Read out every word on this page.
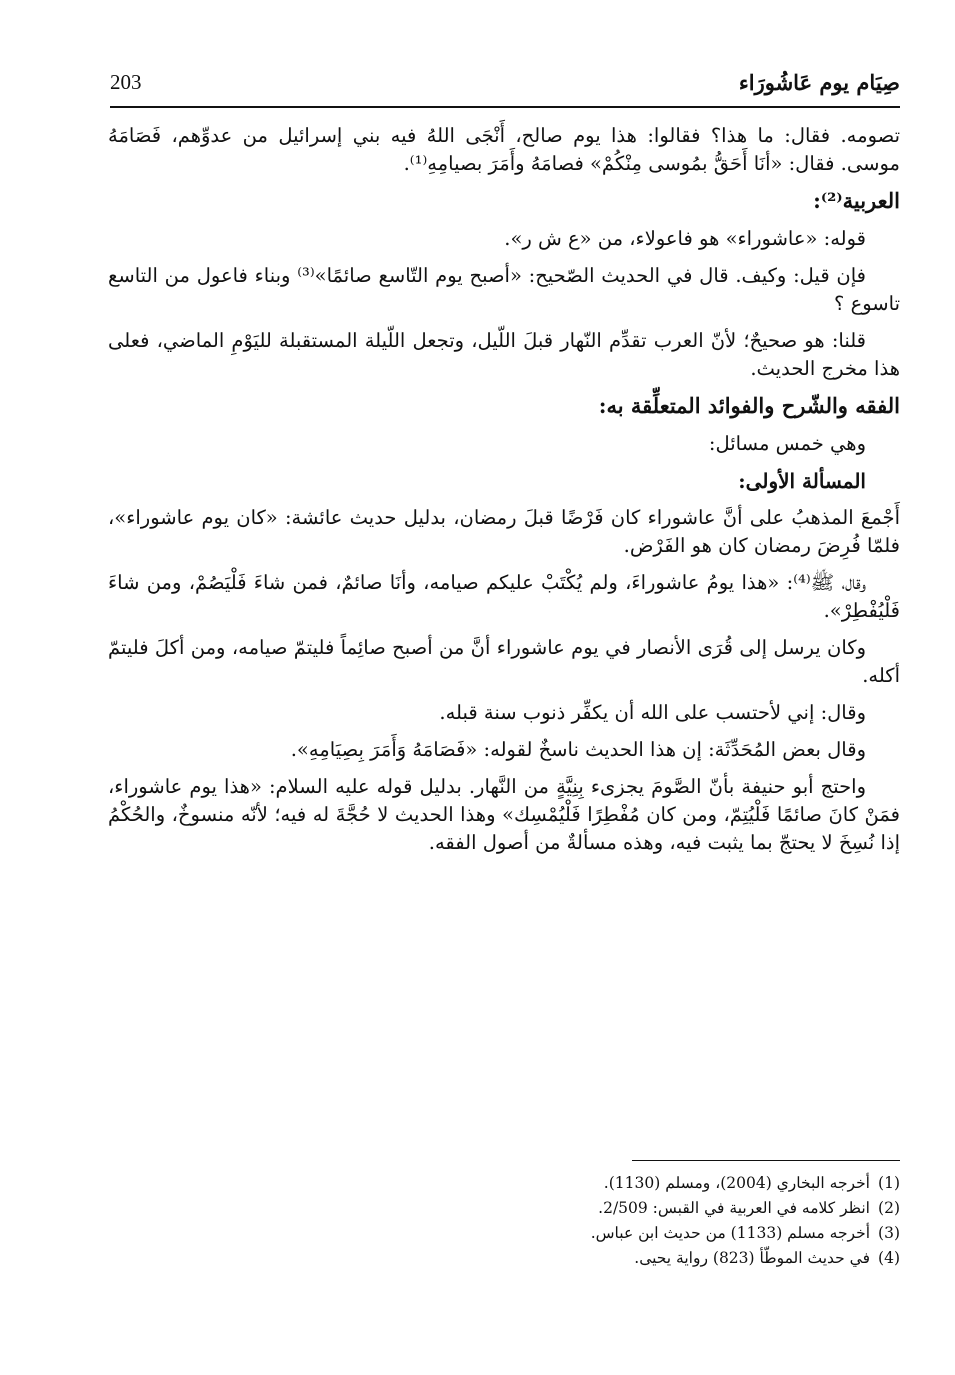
صِيَام يوم عَاشُورَاء
203

تصومه. فقال: ما هذا؟ فقالوا: هذا يوم صالح، أَنْجَى اللهُ فيه بني إسرائيل من عدوِّهم، فَصَامَهُ موسى. فقال: «أنَا أَحَقُّ بمُوسى مِنْكُمْ» فصامَهُ وأَمَرَ بصيامِهِ⁽¹⁾.

العربية⁽²⁾:

قوله: «عاشوراء» هو فاعولاء، من «ع ش ر».

فإن قيل: وكيف. قال في الحديث الصّحيح: «أصبح يوم التّاسع صائمًا»⁽³⁾ وبناء فاعول من التاسع تاسوع ؟

قلنا: هو صحيحٌ؛ لأنّ العرب تقدِّم النّهار قبلَ اللّيل، وتجعل اللّيلة المستقبلة لليَوْمِ الماضي، فعلى هذا مخرج الحديث.

الفقه والشّرح والفوائد المتعلِّقة به:

وهي خمس مسائل:

المسألة الأولى:

أَجْمعَ المذهبُ على أنَّ عاشوراء كان فَرْضًا قبلَ رمضان، بدليل حديث عائشة: «كان يوم عاشوراء»، فلمّا فُرِضَ رمضان كان هو الفَرْض.

وقال، ﷺ⁽⁴⁾: «هذا يومُ عاشوراءَ، ولم يُكْتَبْ عليكم صيامه، وأنَا صائمٌ، فمن شاءَ فَلْيَصُمْ، ومن شاءَ فَلْيُفْطِرْ».

وكان يرسل إلى قُرَى الأنصار في يوم عاشوراء أنَّ من أصبح صائِماً فليتمّ صيامه، ومن أكلَ فليتمّ أكله.

وقال: إني لأحتسب على الله أن يكفِّر ذنوب سنة قبله.

وقال بعض المُحَدِّثَة: إن هذا الحديث ناسخٌ لقوله: «فَصَامَهُ وَأَمَرَ بِصِيَامِهِ».

واحتج أبو حنيفة بأنّ الصَّومَ يجزىء بِنِيَّةٍ من النَّهار. بدليل قوله عليه السلام: «هذا يوم عاشوراء، فمَنْ كانَ صائمًا فَلْيُتِمّ، ومن كان مُفْطِرًا فَلْيُمْسِك» وهذا الحديث لا حُجَّةَ له فيه؛ لأنّه منسوخٌ، والحُكْمُ إذا نُسِخَ لا يحتجّ بما يثبت فيه، وهذه مسألةٌ من أصول الفقه.

(1)أخرجه البخاري (2004)، ومسلم (1130).
(2)انظر كلامه في العربية في القبس: 2/509.
(3)أخرجه مسلم (1133) من حديث ابن عباس.
(4)في حديث الموطّأ (823) رواية يحيى.
